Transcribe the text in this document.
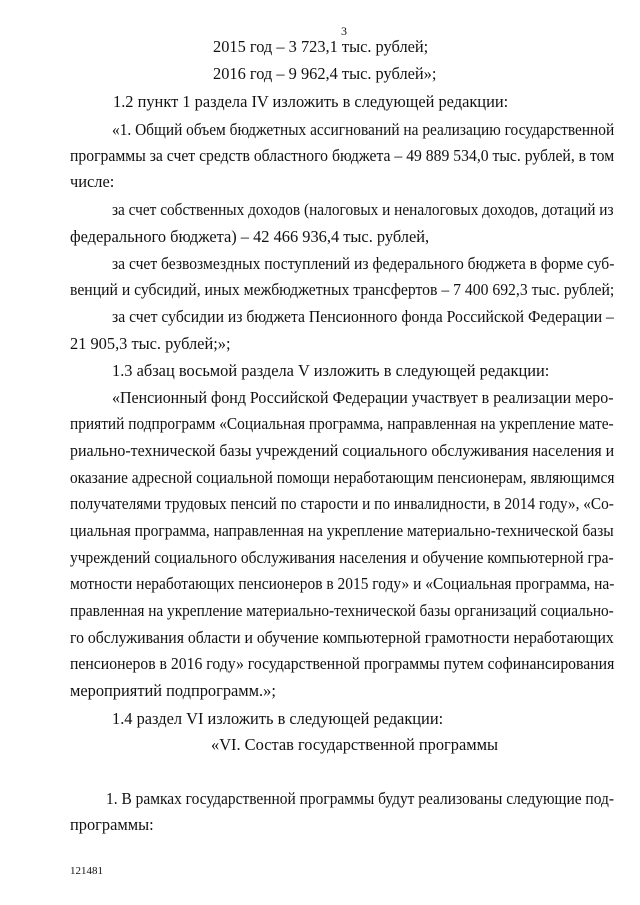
3
2015 год – 3 723,1 тыс. рублей;
2016 год – 9 962,4 тыс. рублей»;
1.2 пункт 1 раздела IV изложить в следующей редакции:
«1. Общий объем бюджетных ассигнований на реализацию государственной
программы за счет средств областного бюджета – 49 889 534,0 тыс. рублей, в том
числе:
за счет собственных доходов (налоговых и неналоговых доходов, дотаций из
федерального бюджета) – 42 466 936,4 тыс. рублей,
за счет безвозмездных поступлений из федерального бюджета в форме суб-
венций и субсидий, иных межбюджетных трансфертов – 7 400 692,3 тыс. рублей;
за счет субсидии из бюджета Пенсионного фонда Российской Федерации –
21 905,3 тыс. рублей;»;
1.3 абзац восьмой раздела V изложить в следующей редакции:
«Пенсионный фонд Российской Федерации участвует в реализации меро-
приятий подпрограмм «Социальная программа, направленная на укрепление мате-
риально-технической базы учреждений социального обслуживания населения и
оказание адресной социальной помощи неработающим пенсионерам, являющимся
получателями трудовых пенсий по старости и по инвалидности, в 2014 году», «Со-
циальная программа, направленная на укрепление материально-технической базы
учреждений социального обслуживания населения и обучение компьютерной гра-
мотности неработающих пенсионеров в 2015 году» и «Социальная программа, на-
правленная на укрепление материально-технической базы организаций социально-
го обслуживания области и обучение компьютерной грамотности неработающих
пенсионеров в 2016 году» государственной программы путем софинансирования
мероприятий подпрограмм.»;
1.4 раздел VI изложить в следующей редакции:
«VI. Состав государственной программы
1. В рамках государственной программы будут реализованы следующие под-
программы:
121481
